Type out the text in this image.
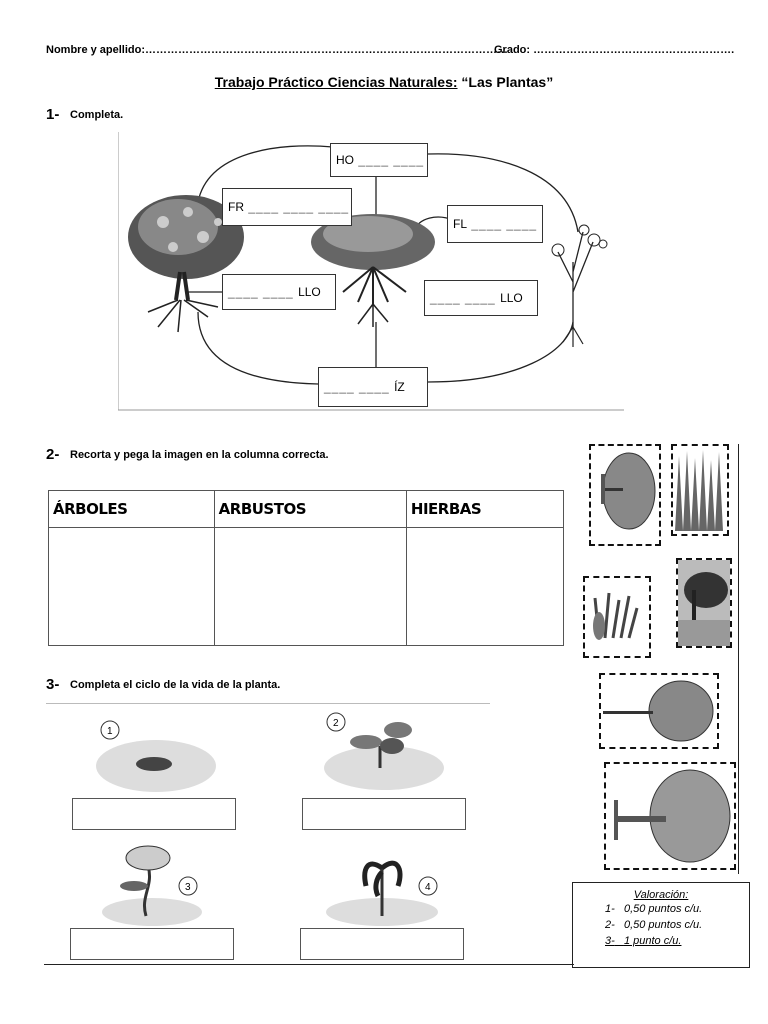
Nombre y apellido:………………………………………………………………………………………
Grado: ……………………………………………….
Trabajo Práctico Ciencias Naturales: “Las Plantas”
1- Completa.
HO ____ ____
FR ____ ____ ____
FL ____ ____
____ ____ LLO	____ ____ LLO
____ ____ ÍZ
2- Recorta y pega la imagen en la columna correcta.
ÁRBOLES	ARBUSTOS	HIERBAS

3- Completa el ciclo de la vida de la planta.
1
2
3	4
Valoración:
1- 0,50 puntos c/u.
2- 0,50 puntos c/u.
3- 1 punto c/u.
